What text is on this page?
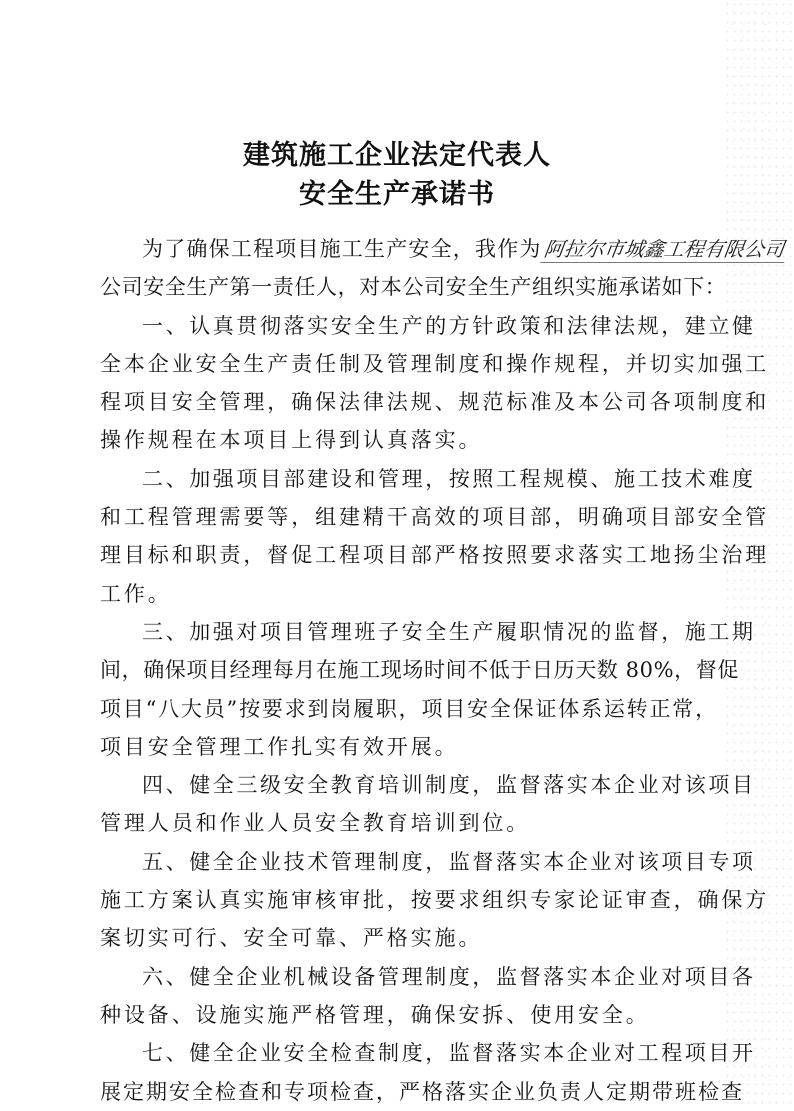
建筑施工企业法定代表人
安全生产承诺书
为了确保工程项目施工生产安全，我作为阿拉尔市城鑫工程有限公司
公司安全生产第一责任人，对本公司安全生产组织实施承诺如下：
一、认真贯彻落实安全生产的方针政策和法律法规，建立健
全本企业安全生产责任制及管理制度和操作规程，并切实加强工
程项目安全管理，确保法律法规、规范标准及本公司各项制度和
操作规程在本项目上得到认真落实。
二、加强项目部建设和管理，按照工程规模、施工技术难度
和工程管理需要等，组建精干高效的项目部，明确项目部安全管
理目标和职责，督促工程项目部严格按照要求落实工地扬尘治理
工作。
三、加强对项目管理班子安全生产履职情况的监督，施工期
间，确保项目经理每月在施工现场时间不低于日历天数 80%，督促
项目“八大员”按要求到岗履职，项目安全保证体系运转正常，
项目安全管理工作扎实有效开展。
四、健全三级安全教育培训制度，监督落实本企业对该项目
管理人员和作业人员安全教育培训到位。
五、健全企业技术管理制度，监督落实本企业对该项目专项
施工方案认真实施审核审批，按要求组织专家论证审查，确保方
案切实可行、安全可靠、严格实施。
六、健全企业机械设备管理制度，监督落实本企业对项目各
种设备、设施实施严格管理，确保安拆、使用安全。
七、健全企业安全检查制度，监督落实本企业对工程项目开
展定期安全检查和专项检查，严格落实企业负责人定期带班检查
